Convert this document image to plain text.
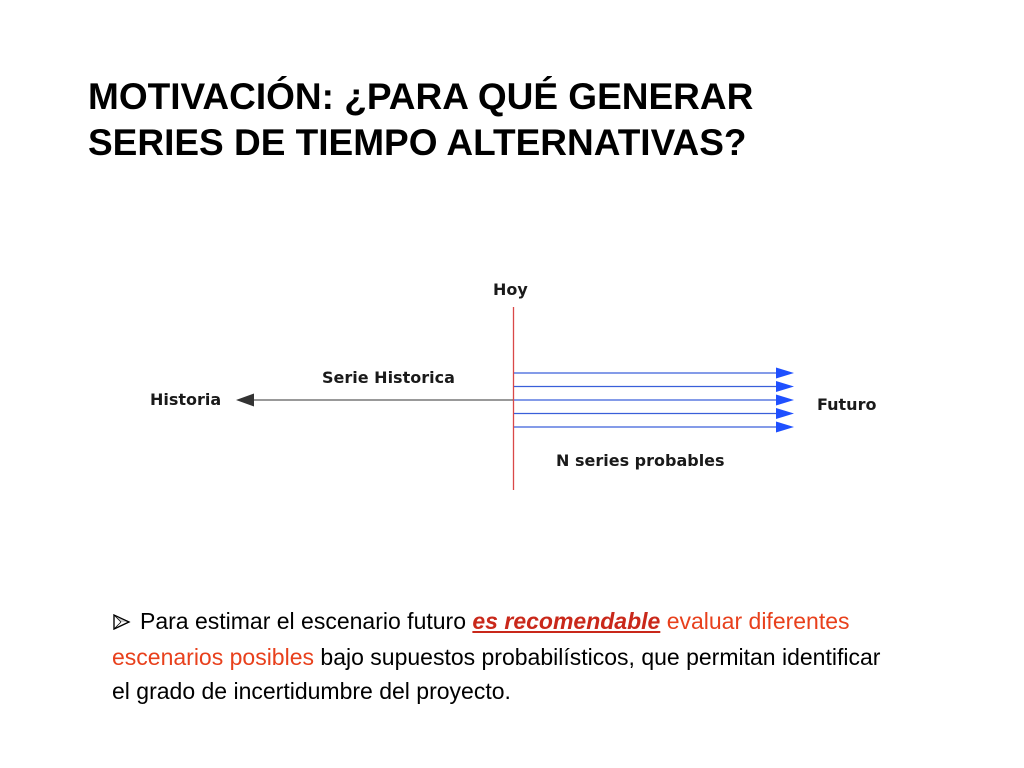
MOTIVACIÓN: ¿PARA QUÉ GENERAR
SERIES DE TIEMPO ALTERNATIVAS?
Hoy
Historia
Serie Historica
Futuro
N series probables
Para estimar el escenario futuro es recomendable evaluar diferentes
escenarios posibles bajo supuestos probabilísticos, que permitan identificar
el grado de incertidumbre del proyecto.
